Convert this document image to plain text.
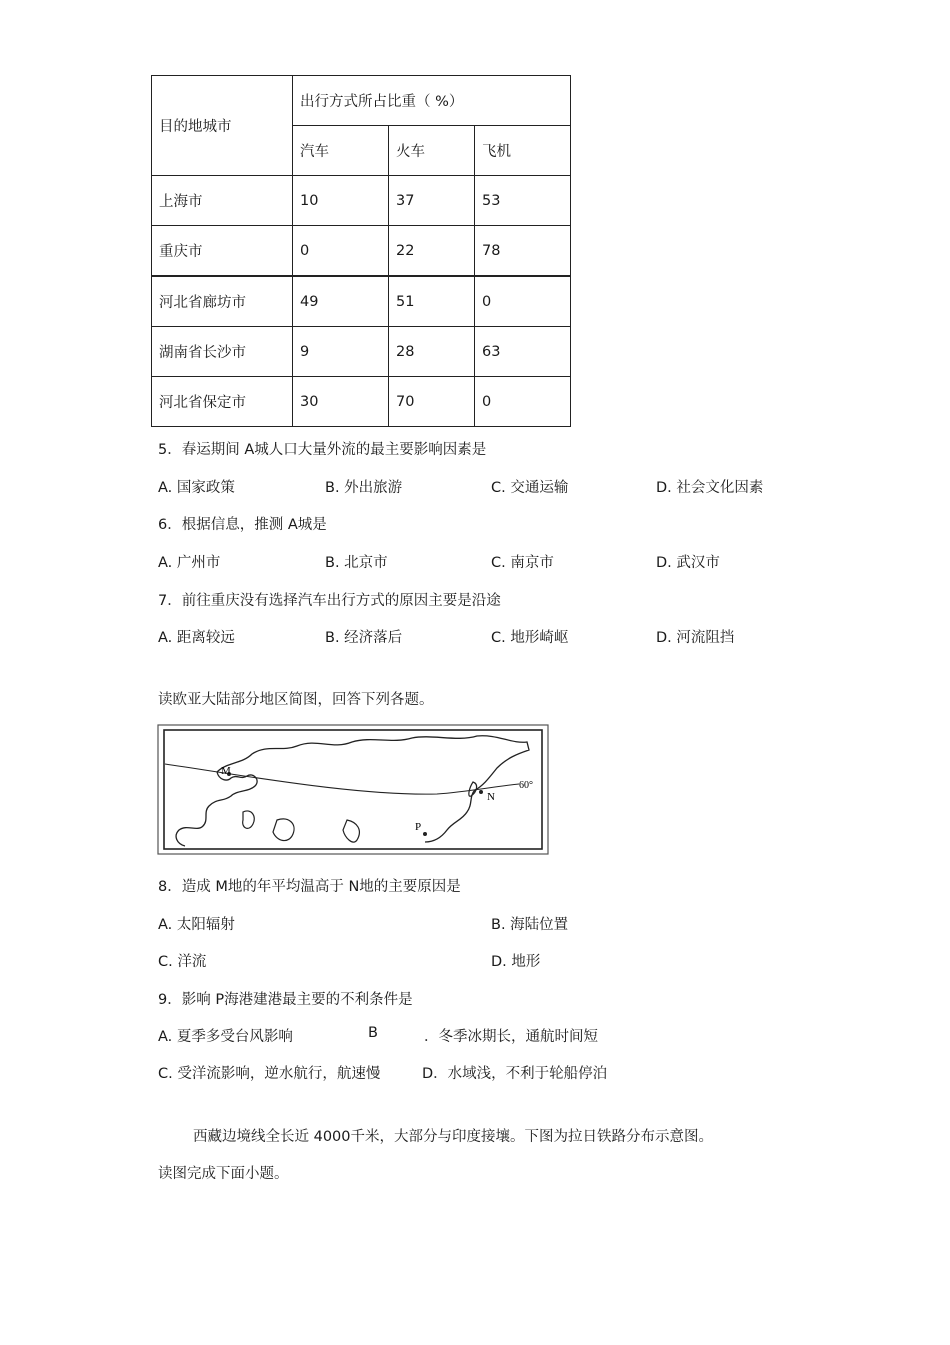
目的地城市	出行方式所占比重（ %）		
	汽车	火车	飞机
上海市	10	37	53
重庆市	0	22	78
河北省廊坊市	49	51	0
湖南省长沙市	9	28	63
河北省保定市	30	70	0
5．春运期间 A城人口大量外流的最主要影响因素是
A. 国家政策	B. 外出旅游	C. 交通运输	D. 社会文化因素
6．根据信息，推测 A城是
A. 广州市	B. 北京市	C. 南京市	D. 武汉市
7．前往重庆没有选择汽车出行方式的原因主要是沿途
A. 距离较远	B. 经济落后	C. 地形崎岖	D. 河流阻挡
读欧亚大陆部分地区简图，回答下列各题。
M
N
P
60°
8．造成 M地的年平均温高于 N地的主要原因是
A. 太阳辐射	B. 海陆位置
C. 洋流	D. 地形
9．影响 P海港建港最主要的不利条件是
A. 夏季多受台风影响	B	．冬季冰期长，通航时间短
C. 受洋流影响，逆水航行，航速慢	D．水域浅，不利于轮船停泊
西藏边境线全长近 4000千米，大部分与印度接壤。下图为拉日铁路分布示意图。
读图完成下面小题。
